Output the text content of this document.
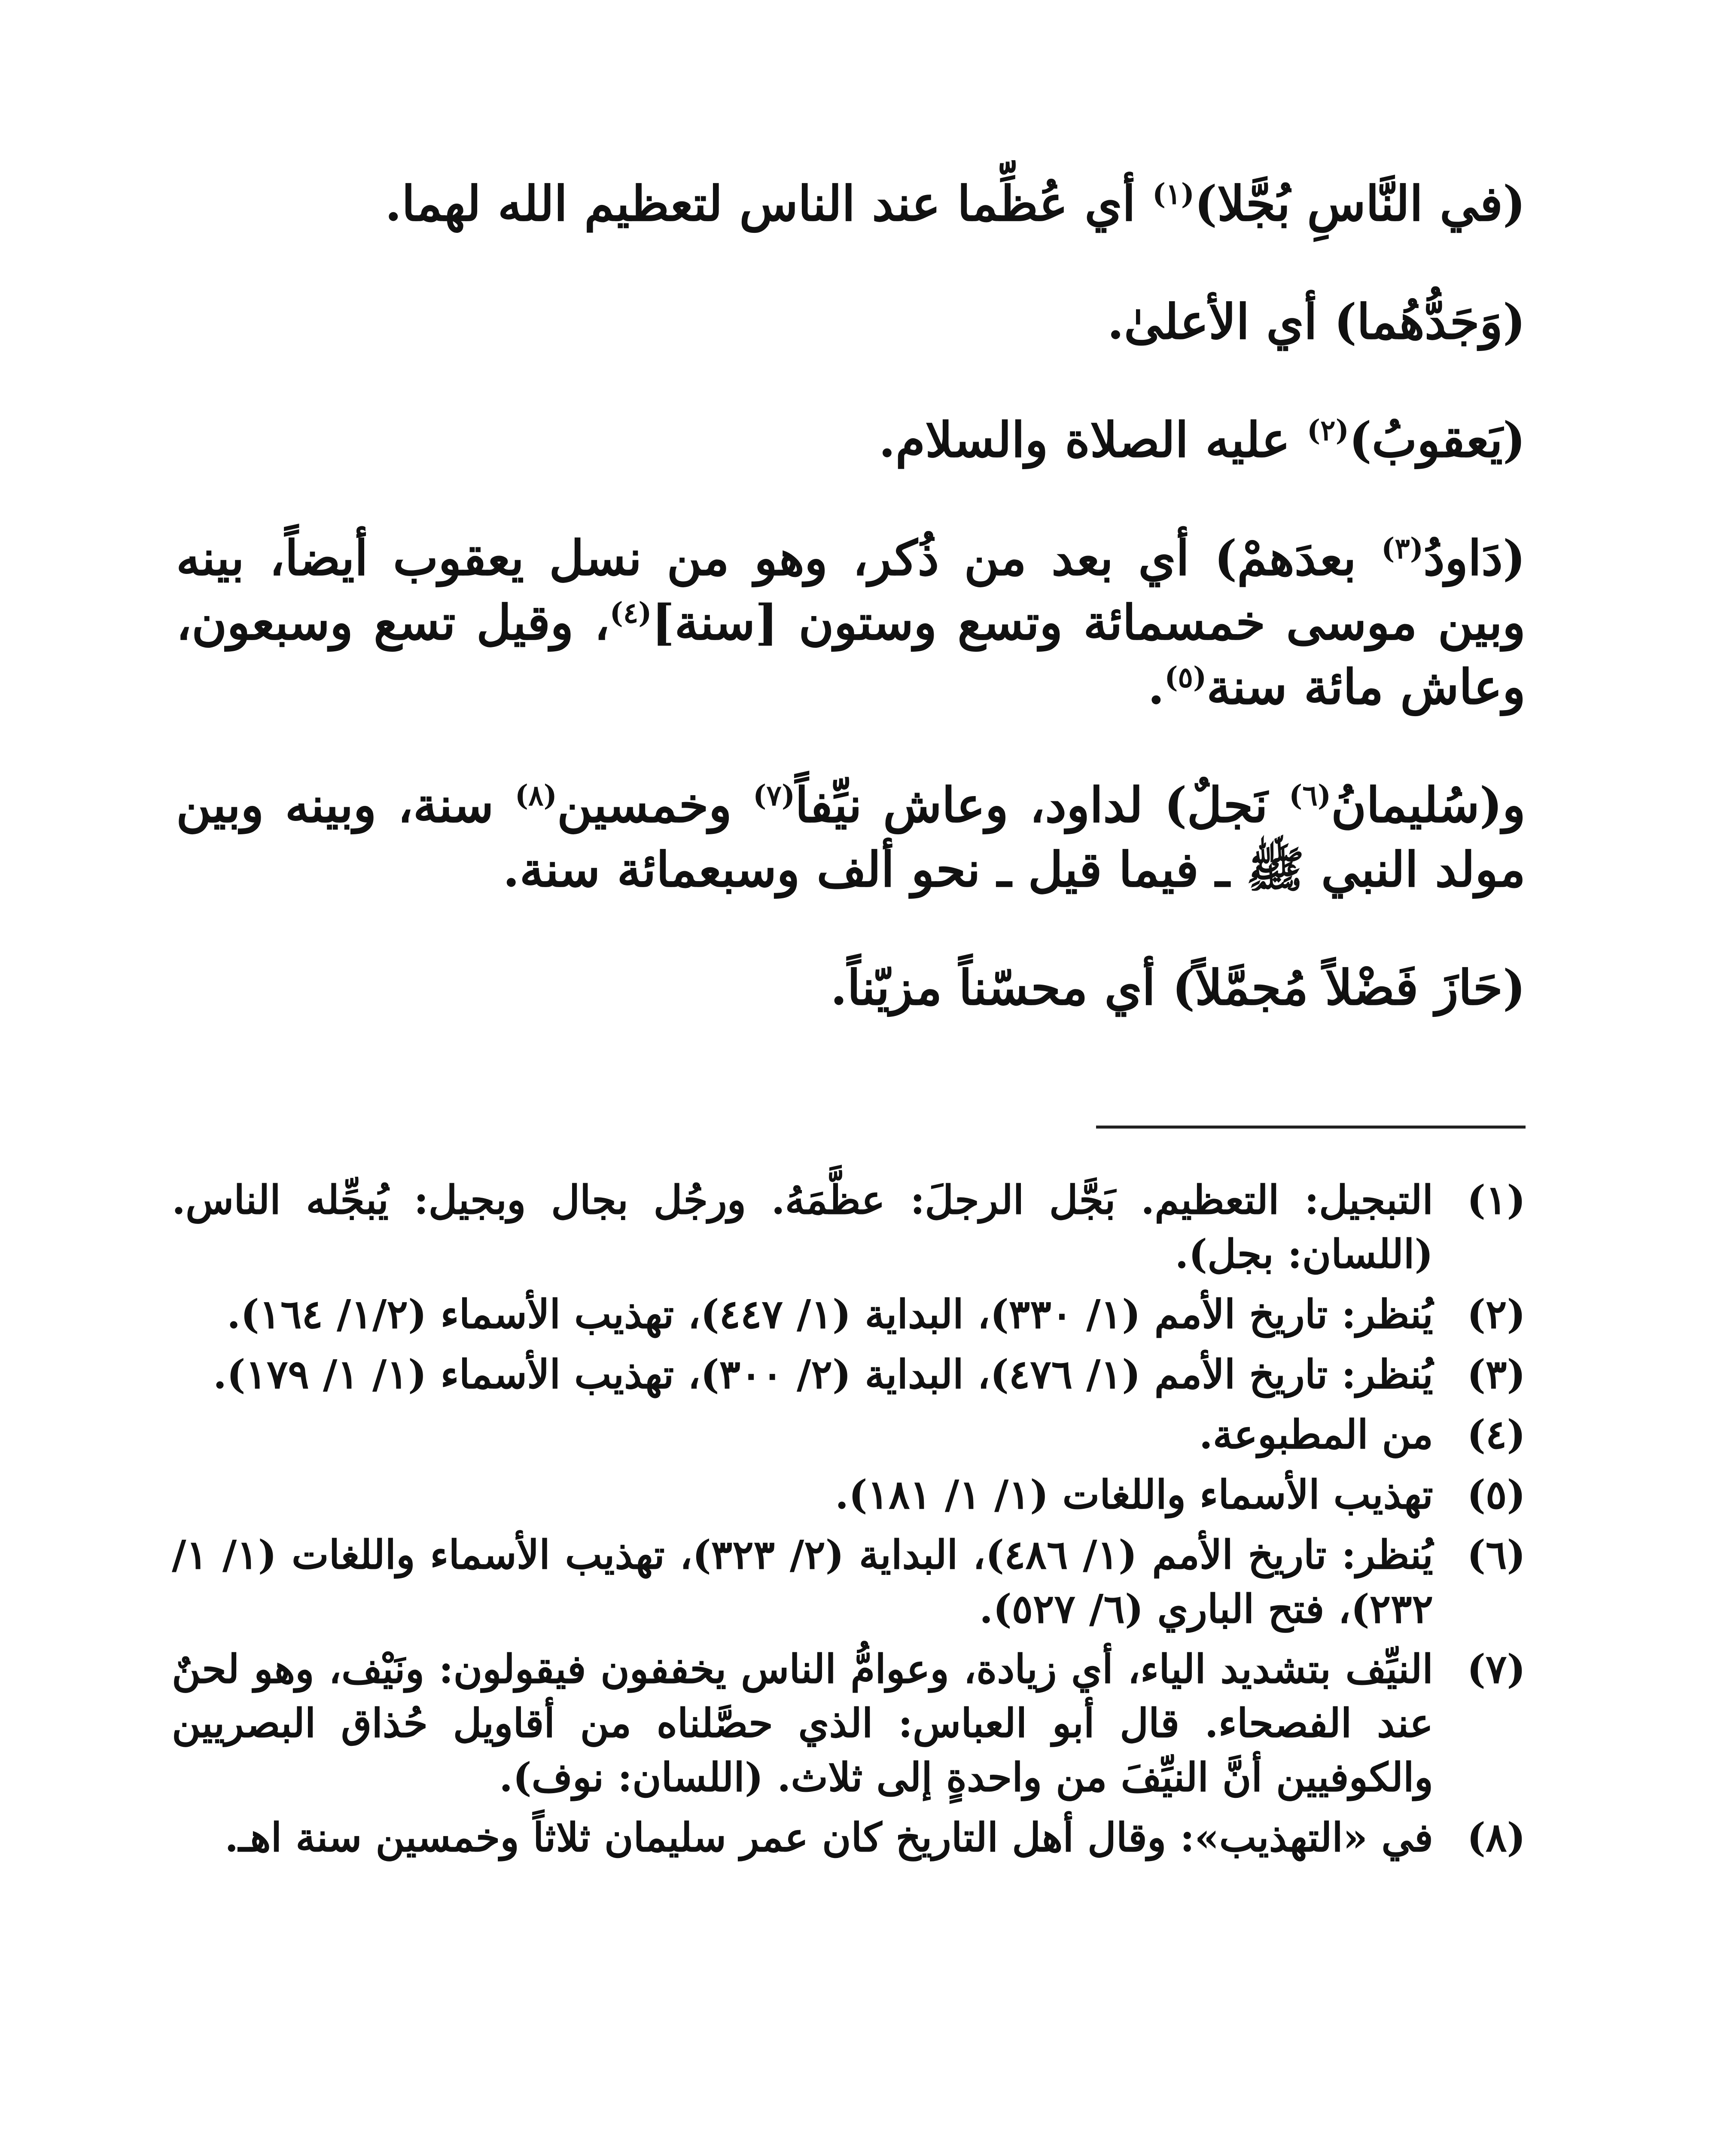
(في النَّاسِ بُجَّلا)$^{(١)}$ أي عُظِّما عند الناس لتعظيم الله لهما.

(وَجَدُّهُما) أي الأعلىٰ.

(يَعقوبُ)$^{(٢)}$ عليه الصلاة والسلام.

(دَاودُ$^{(٣)}$ بعدَهمْ) أي بعد من ذُكر، وهو من نسل يعقوب أيضاً، بينه وبين موسى خمسمائة وتسع وستون [سنة]$^{(٤)}$، وقيل تسع وسبعون، وعاش مائة سنة$^{(٥)}$.

و(سُليمانُ$^{(٦)}$ نَجلٌ) لداود، وعاش نيِّفاً$^{(٧)}$ وخمسين$^{(٨)}$ سنة، وبينه وبين مولد النبي ﷺ ـ فيما قيل ـ نحو ألف وسبعمائة سنة.

(حَازَ فَضْلاً مُجمَّلاً) أي محسّناً مزيّناً.

(١)
التبجيل: التعظيم. بَجَّل الرجلَ: عظَّمَهُ. ورجُل بجال وبجيل: يُبجِّله الناس. (اللسان: بجل).
(٢)
يُنظر: تاريخ الأمم (١/ ٣٣٠)، البداية (١/ ٤٤٧)، تهذيب الأسماء (١/٢/ ١٦٤).
(٣)
يُنظر: تاريخ الأمم (١/ ٤٧٦)، البداية (٢/ ٣٠٠)، تهذيب الأسماء (١/ ١/ ١٧٩).
(٤)
من المطبوعة.
(٥)
تهذيب الأسماء واللغات (١/ ١/ ١٨١).
(٦)
يُنظر: تاريخ الأمم (١/ ٤٨٦)، البداية (٢/ ٣٢٣)، تهذيب الأسماء واللغات (١/ ١/ ٢٣٢)، فتح الباري (٦/ ٥٢٧).
(٧)
النيِّف بتشديد الياء، أي زيادة، وعوامُّ الناس يخففون فيقولون: ونَيْف، وهو لحنٌ عند الفصحاء. قال أبو العباس: الذي حصَّلناه من أقاويل حُذاق البصريين والكوفيين أنَّ النيِّفَ من واحدةٍ إلى ثلاث. (اللسان: نوف).
(٨)
في «التهذيب»: وقال أهل التاريخ كان عمر سليمان ثلاثاً وخمسين سنة اهـ.
